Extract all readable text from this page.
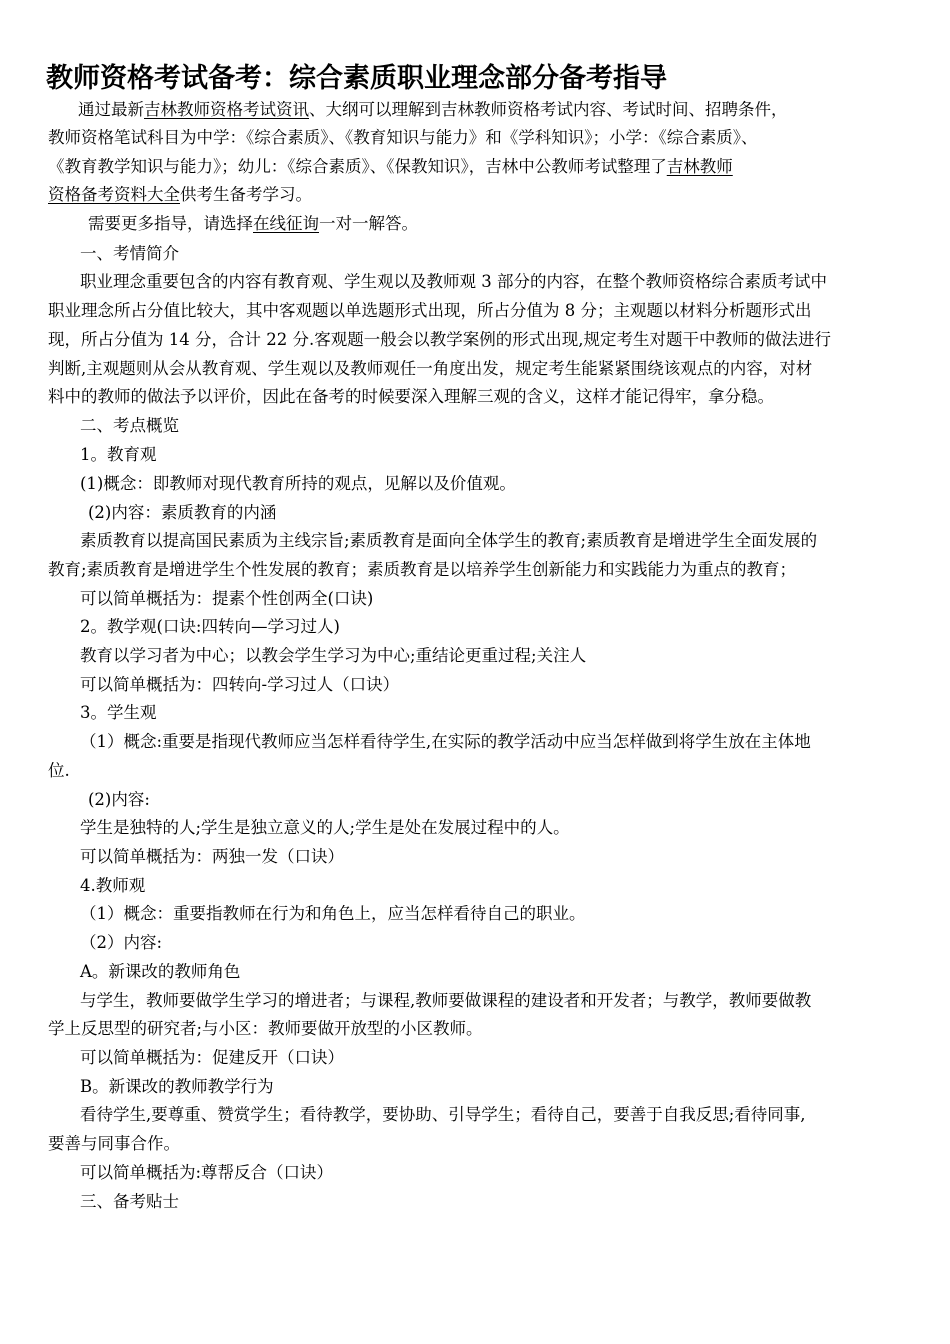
教师资格考试备考：综合素质职业理念部分备考指导

通过最新吉林教师资格考试资讯、大纲可以理解到吉林教师资格考试内容、考试时间、招聘条件，

教师资格笔试科目为中学：《综合素质》、《教育知识与能力》和《学科知识》；小学：《综合素质》、

《教育教学知识与能力》；幼儿：《综合素质》、《保教知识》，吉林中公教师考试整理了吉林教师

资格备考资料大全供考生备考学习。

需要更多指导，请选择在线征询一对一解答。

一、考情简介

职业理念重要包含的内容有教育观、学生观以及教师观 3 部分的内容，在整个教师资格综合素质考试中

职业理念所占分值比较大，其中客观题以单选题形式出现，所占分值为 8 分；主观题以材料分析题形式出

现，所占分值为 14 分，合计 22 分.客观题一般会以教学案例的形式出现,规定考生对题干中教师的做法进行

判断,主观题则从会从教育观、学生观以及教师观任一角度出发，规定考生能紧紧围绕该观点的内容，对材

料中的教师的做法予以评价，因此在备考的时候要深入理解三观的含义，这样才能记得牢，拿分稳。

二、考点概览

1。教育观

(1)概念：即教师对现代教育所持的观点，见解以及价值观。

(2)内容：素质教育的内涵

素质教育以提高国民素质为主线宗旨;素质教育是面向全体学生的教育;素质教育是增进学生全面发展的

教育;素质教育是增进学生个性发展的教育；素质教育是以培养学生创新能力和实践能力为重点的教育；

可以简单概括为：提素个性创两全(口诀)

2。教学观(口诀:四转向—学习过人)

教育以学习者为中心；以教会学生学习为中心;重结论更重过程;关注人

可以简单概括为：四转向-学习过人（口诀）

3。学生观

（1）概念:重要是指现代教师应当怎样看待学生,在实际的教学活动中应当怎样做到将学生放在主体地

位.

(2)内容:

学生是独特的人;学生是独立意义的人;学生是处在发展过程中的人。

可以简单概括为：两独一发（口诀）

4.教师观

（1）概念：重要指教师在行为和角色上，应当怎样看待自己的职业。

（2）内容:

A。新课改的教师角色

与学生，教师要做学生学习的增进者；与课程,教师要做课程的建设者和开发者；与教学，教师要做教

学上反思型的研究者;与小区：教师要做开放型的小区教师。

可以简单概括为：促建反开（口诀）

B。新课改的教师教学行为

看待学生,要尊重、赞赏学生；看待教学，要协助、引导学生；看待自己，要善于自我反思;看待同事,

要善与同事合作。

可以简单概括为:尊帮反合（口诀）

三、备考贴士
